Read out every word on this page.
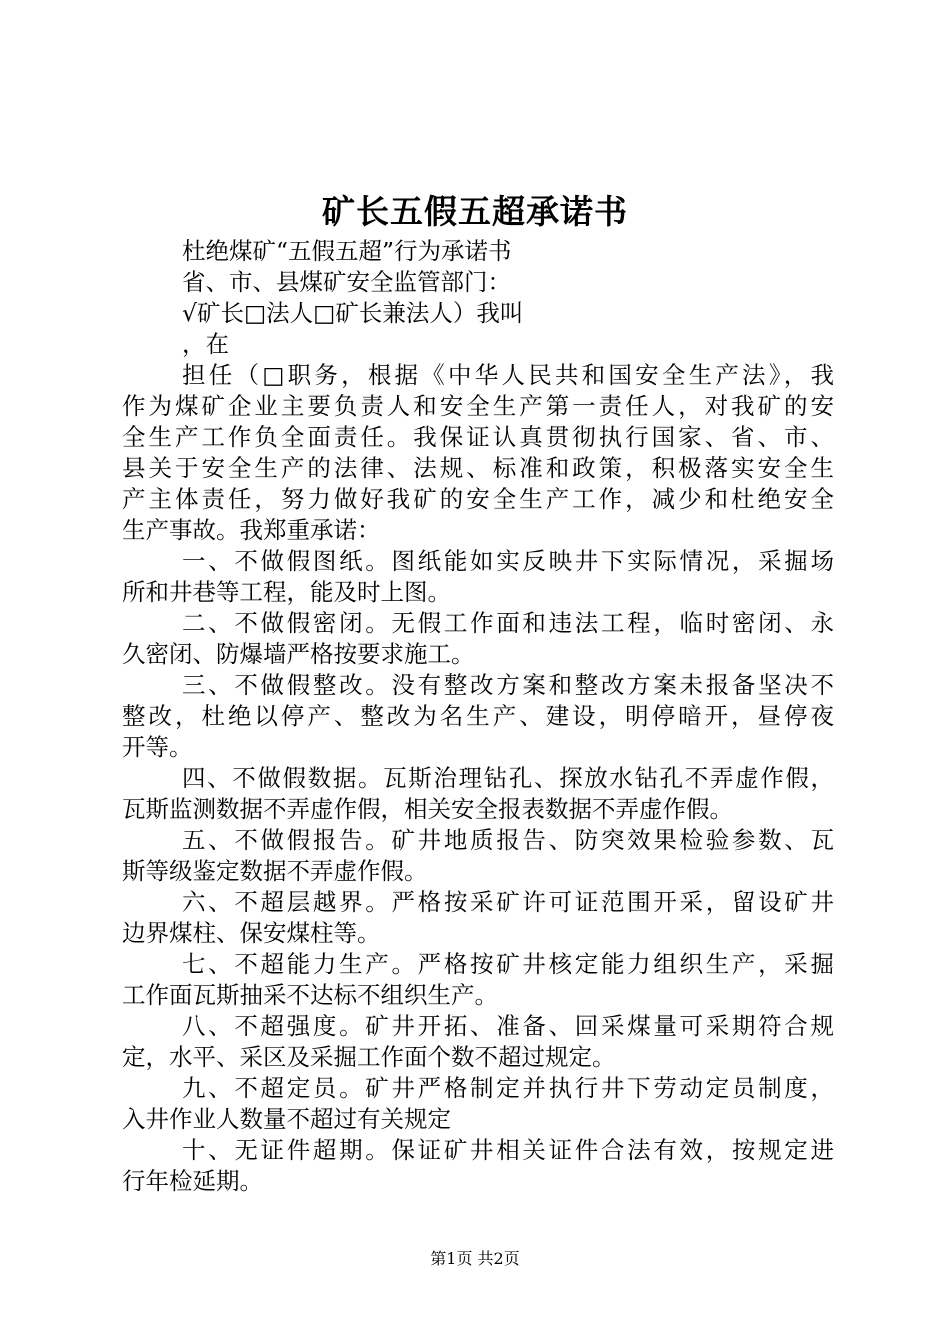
矿长五假五超承诺书
杜绝煤矿“五假五超”行为承诺书
省、市、县煤矿安全监管部门：
√矿长□法人□矿长兼法人）我叫
，在
担任（□职务，根据《中华人民共和国安全生产法》，我
作为煤矿企业主要负责人和安全生产第一责任人，对我矿的安
全生产工作负全面责任。我保证认真贯彻执行国家、省、市、
县关于安全生产的法律、法规、标准和政策，积极落实安全生
产主体责任，努力做好我矿的安全生产工作，减少和杜绝安全
生产事故。我郑重承诺：
一、不做假图纸。图纸能如实反映井下实际情况，采掘场
所和井巷等工程，能及时上图。
二、不做假密闭。无假工作面和违法工程，临时密闭、永
久密闭、防爆墙严格按要求施工。
三、不做假整改。没有整改方案和整改方案未报备坚决不
整改，杜绝以停产、整改为名生产、建设，明停暗开，昼停夜
开等。
四、不做假数据。瓦斯治理钻孔、探放水钻孔不弄虚作假，
瓦斯监测数据不弄虚作假，相关安全报表数据不弄虚作假。
五、不做假报告。矿井地质报告、防突效果检验参数、瓦
斯等级鉴定数据不弄虚作假。
六、不超层越界。严格按采矿许可证范围开采，留设矿井
边界煤柱、保安煤柱等。
七、不超能力生产。严格按矿井核定能力组织生产，采掘
工作面瓦斯抽采不达标不组织生产。
八、不超强度。矿井开拓、准备、回采煤量可采期符合规
定，水平、采区及采掘工作面个数不超过规定。
九、不超定员。矿井严格制定并执行井下劳动定员制度，
入井作业人数量不超过有关规定
十、无证件超期。保证矿井相关证件合法有效，按规定进
行年检延期。
第1页 共2页
